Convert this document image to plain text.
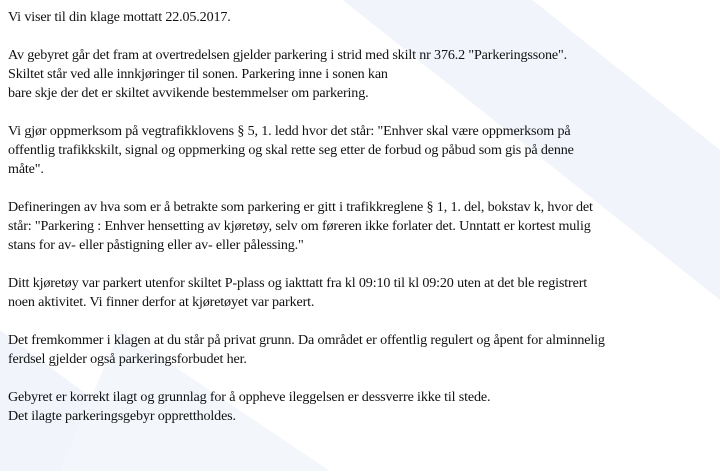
Vi viser til din klage mottatt 22.05.2017.

Av gebyret går det fram at overtredelsen gjelder parkering i strid med skilt nr 376.2 "Parkeringssone".
Skiltet står ved alle innkjøringer til sonen. Parkering inne i sonen kan
bare skje der det er skiltet avvikende bestemmelser om parkering.

Vi gjør oppmerksom på vegtrafikklovens § 5, 1. ledd hvor det står: "Enhver skal være oppmerksom på
offentlig trafikkskilt, signal og oppmerking og skal rette seg etter de forbud og påbud som gis på denne
måte".

Defineringen av hva som er å betrakte som parkering er gitt i trafikkreglene § 1, 1. del, bokstav k, hvor det
står: "Parkering : Enhver hensetting av kjøretøy, selv om føreren ikke forlater det. Unntatt er kortest mulig
stans for av- eller påstigning eller av- eller pålessing."

Ditt kjøretøy var parkert utenfor skiltet P-plass og iakttatt fra kl 09:10 til kl 09:20 uten at det ble registrert
noen aktivitet. Vi finner derfor at kjøretøyet var parkert.

Det fremkommer i klagen at du står på privat grunn. Da området er offentlig regulert og åpent for alminnelig
ferdsel gjelder også parkeringsforbudet her.

Gebyret er korrekt ilagt og grunnlag for å oppheve ileggelsen er dessverre ikke til stede.
Det ilagte parkeringsgebyr opprettholdes.
